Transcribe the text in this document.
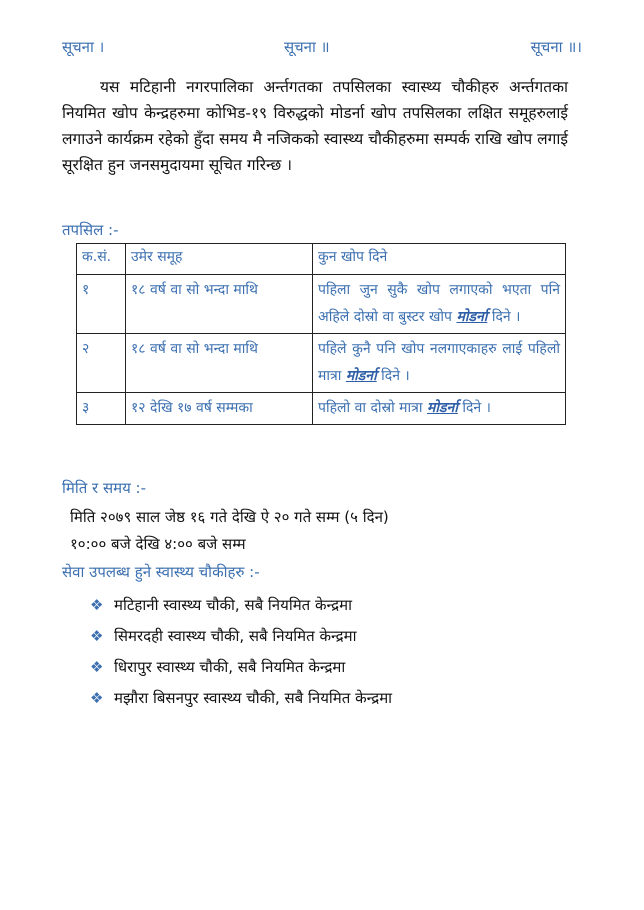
सूचना ।	सूचना ॥	सूचना ॥।

यस मटिहानी नगरपालिका अर्न्तगतका तपसिलका स्वास्थ्य चौकीहरु अर्न्तगतका नियमित खोप केन्द्रहरुमा कोभिड-१९ विरुद्धको मोडर्ना खोप तपसिलका लक्षित समूहरुलाई लगाउने कार्यक्रम रहेको हुँदा समय मै नजिकको स्वास्थ्य चौकीहरुमा सम्पर्क राखि खोप लगाई सूरक्षित हुन जनसमुदायमा सूचित गरिन्छ ।

तपसिल :-
क.सं.	उमेर समूह	कुन खोप दिने
१	१८ वर्ष वा सो भन्दा माथि	पहिला जुन सुकै खोप लगाएको भएता पनि अहिले दोस्रो वा बुस्टर खोप मोडर्ना दिने ।
२	१८ वर्ष वा सो भन्दा माथि	पहिले कुनै पनि खोप नलगाएकाहरु लाई पहिलो मात्रा मोडर्ना दिने ।
३	१२ देखि १७ वर्ष सम्मका	पहिलो वा दोस्रो मात्रा मोडर्ना दिने ।
मिति र समय :-
मिति २०७९ साल जेष्ठ १६ गते देखि ऐ २० गते सम्म (५ दिन)
१०:०० बजे देखि ४:०० बजे सम्म
सेवा उपलब्ध हुने स्वास्थ्य चौकीहरु :-
❖ मटिहानी स्वास्थ्य चौकी, सबै नियमित केन्द्रमा
❖ सिमरदही स्वास्थ्य चौकी, सबै नियमित केन्द्रमा
❖ धिरापुर स्वास्थ्य चौकी, सबै नियमित केन्द्रमा
❖ मझौरा बिसनपुर स्वास्थ्य चौकी, सबै नियमित केन्द्रमा
